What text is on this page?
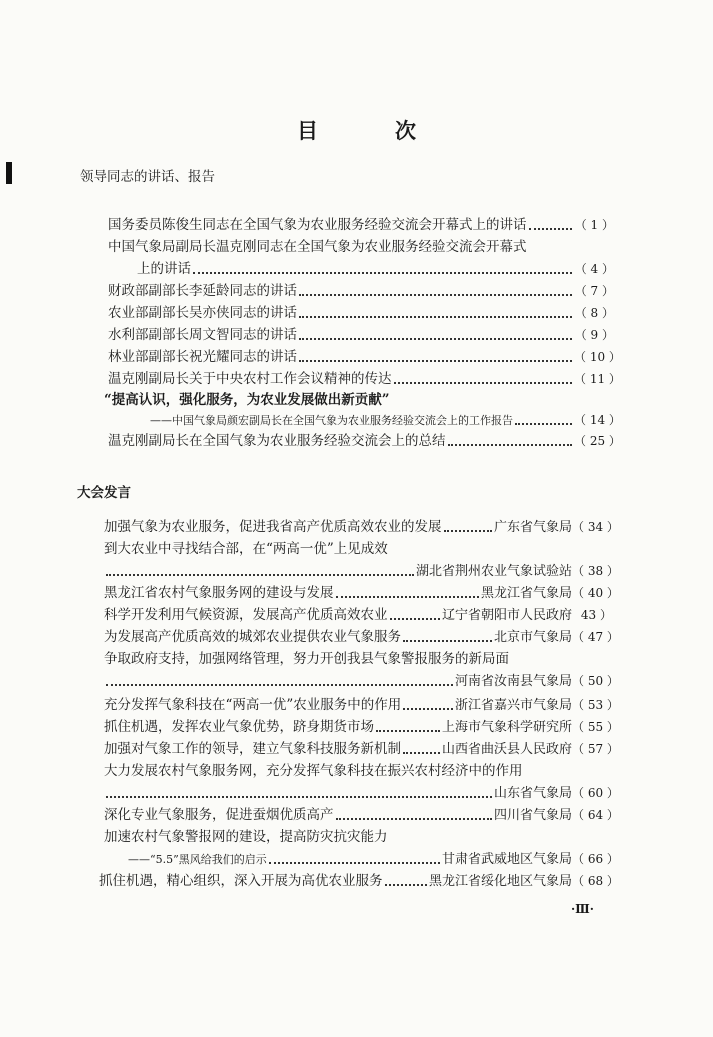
目　次
领导同志的讲话、报告
国务委员陈俊生同志在全国气象为农业服务经验交流会开幕式上的讲话	（ 1 ）
中国气象局副局长温克刚同志在全国气象为农业服务经验交流会开幕式
上的讲话	（ 4 ）
财政部副部长李延龄同志的讲话	（ 7 ）
农业部副部长吴亦侠同志的讲话	（ 8 ）
水利部副部长周文智同志的讲话	（ 9 ）
林业部副部长祝光耀同志的讲话	（ 10 ）
温克刚副局长关于中央农村工作会议精神的传达	（ 11 ）
“提高认识，强化服务，为农业发展做出新贡献”
——中国气象局颜宏副局长在全国气象为农业服务经验交流会上的工作报告	（ 14 ）
温克刚副局长在全国气象为农业服务经验交流会上的总结	（ 25 ）
大会发言
加强气象为农业服务，促进我省高产优质高效农业的发展	广东省气象局 （ 34 ）
到大农业中寻找结合部，在“两高一优”上见成效
湖北省荆州农业气象试验站 （ 38 ）
黑龙江省农村气象服务网的建设与发展	黑龙江省气象局 （ 40 ）
科学开发利用气候资源，发展高产优质高效农业	辽宁省朝阳市人民政府 43 ）
为发展高产优质高效的城郊农业提供农业气象服务	北京市气象局 （ 47 ）
争取政府支持，加强网络管理，努力开创我县气象警报服务的新局面
河南省汝南县气象局 （ 50 ）
充分发挥气象科技在“两高一优”农业服务中的作用	浙江省嘉兴市气象局 （ 53 ）
抓住机遇，发挥农业气象优势，跻身期货市场	上海市气象科学研究所 （ 55 ）
加强对气象工作的领导，建立气象科技服务新机制	山西省曲沃县人民政府 （ 57 ）
大力发展农村气象服务网，充分发挥气象科技在振兴农村经济中的作用
山东省气象局 （ 60 ）
深化专业气象服务，促进蚕烟优质高产	四川省气象局 （ 64 ）
加速农村气象警报网的建设，提高防灾抗灾能力
——“5.5”黑风给我们的启示	甘肃省武威地区气象局 （ 66 ）
抓住机遇，精心组织，深入开展为高优农业服务	黑龙江省绥化地区气象局 （ 68 ）
·Ⅲ·
